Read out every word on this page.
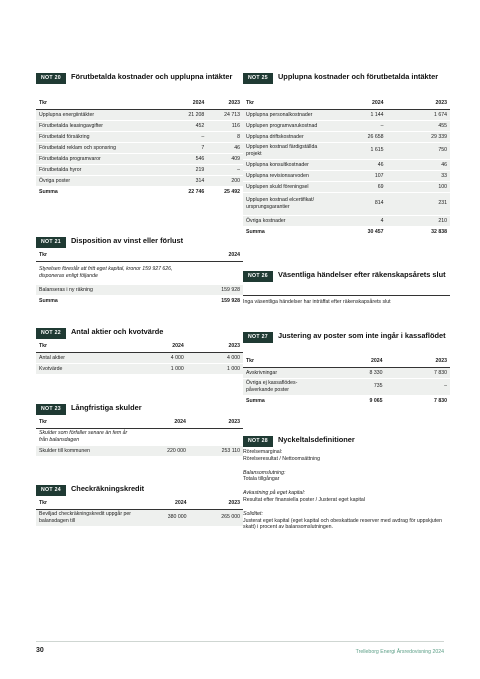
NOT 20	Förutbetalda kostnader och upplupna intäkter
Tkr	2024	2023
Upplupna energiintäkter	21 208	24 713
Förutbetalda leasingavgifter	452	116
Förutbetald försäkring	–	8
Förutbetald reklam och sponsring	7	46
Förutbetalda programvaror	546	409
Förutbetalda hyror	219	–
Övriga poster	314	200
Summa	22 746	25 492
NOT 21	Disposition av vinst eller förlust
Tkr	2024
Styrelsen föreslår att fritt eget kapital, kronor 159 927 626, disponeras enligt följande	
Balanseras i ny räkning	159 928
Summa	159 928
NOT 22	Antal aktier och kvotvärde
Tkr	2024	2023
Antal aktier	4 000	4 000
Kvotvärde	1 000	1 000
NOT 23	Långfristiga skulder
Tkr	2024	2023
Skulder som förfaller senare än fem år från balansdagen		
Skulder till kommunen	220 000	253 110
NOT 24	Checkräkningskredit
Tkr	2024	2023
Beviljad checkräkningskredit uppgår per balansdagen till	380 000	265 000
NOT 25	Upplupna kostnader och förutbetalda intäkter
Tkr	2024	2023
Upplupna personalkostnader	1 144	1 674
Upplupen programvarukostnad	–	455
Upplupna driftskostnader	26 658	29 339
Upplupen kostnad färdigställda projekt	1 615	750
Upplupna konsultkostnader	46	46
Upplupna revisionsarvoden	107	33
Upplupen skuld föreningsel	69	100
Upplupen kostnad elcertifikat/ ursprungsgarantier	814	231
Övriga kostnader	4	210
Summa	30 457	32 838
NOT 26	Väsentliga händelser efter räkenskapsårets slut
Inga väsentliga händelser har inträffat efter räkenskapsårets slut
NOT 27	Justering av poster som inte ingår i kassaflödet
Tkr	2024	2023
Avskrivningar	8 330	7 830
Övriga ej kassaflödes-påverkande poster	735	–
Summa	9 065	7 830
NOT 28	Nyckeltalsdefinitioner
Rörelsemarginal:
Rörelseresultat / Nettoomsättning
Balansomslutning:
Totala tillgångar
Avkastning på eget kapital:
Resultat efter finansiella poster / Justerat eget kapital
Soliditet:
Justerat eget kapital (eget kapital och obeskattade reserver med avdrag för uppskjuten skatt) i procent av balansomslutningen.
30	Trelleborg Energi Årsredovisning 2024
